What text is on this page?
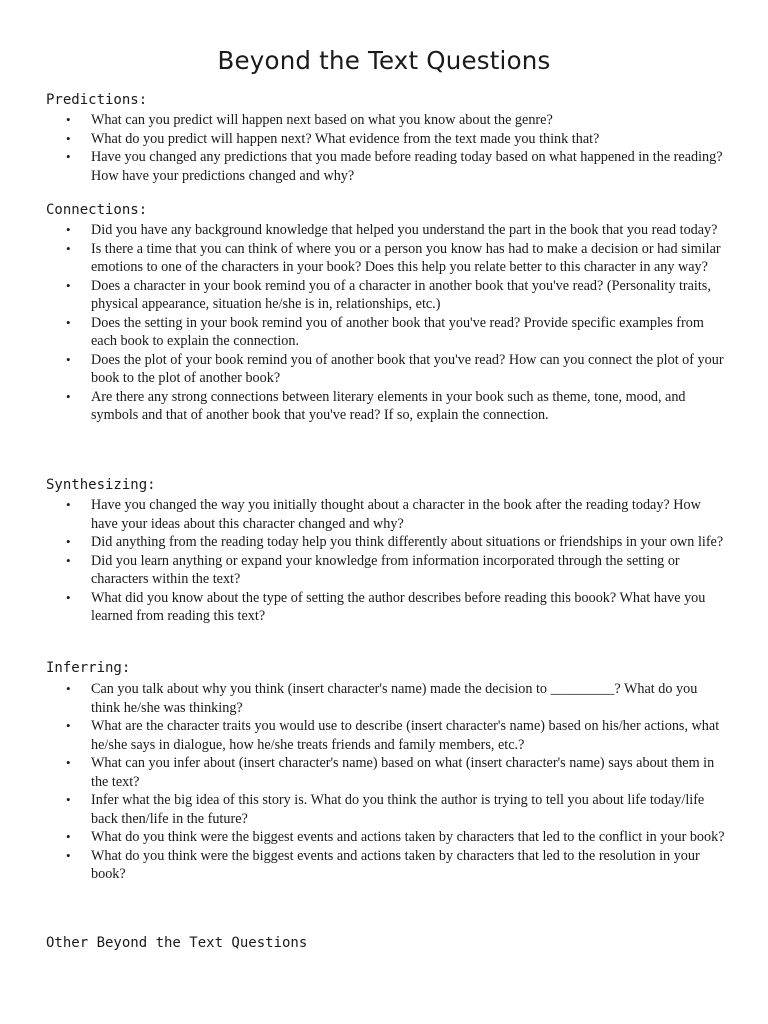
Beyond the Text Questions
Predictions:
• What can you predict will happen next based on what you know about the genre?
• What do you predict will happen next? What evidence from the text made you think that?
• Have you changed any predictions that you made before reading today based on what happened in the reading? How have your predictions changed and why?
Connections:
• Did you have any background knowledge that helped you understand the part in the book that you read today?
• Is there a time that you can think of where you or a person you know has had to make a decision or had similar emotions to one of the characters in your book? Does this help you relate better to this character in any way?
• Does a character in your book remind you of a character in another book that you've read? (Personality traits, physical appearance, situation he/she is in, relationships, etc.)
• Does the setting in your book remind you of another book that you've read? Provide specific examples from each book to explain the connection.
• Does the plot of your book remind you of another book that you've read? How can you connect the plot of your book to the plot of another book?
• Are there any strong connections between literary elements in your book such as theme, tone, mood, and symbols and that of another book that you've read? If so, explain the connection.
Synthesizing:
• Have you changed the way you initially thought about a character in the book after the reading today? How have your ideas about this character changed and why?
• Did anything from the reading today help you think differently about situations or friendships in your own life?
• Did you learn anything or expand your knowledge from information incorporated through the setting or characters within the text?
• What did you know about the type of setting the author describes before reading this boook? What have you learned from reading this text?
Inferring:
• Can you talk about why you think (insert character's name) made the decision to _________? What do you think he/she was thinking?
• What are the character traits you would use to describe (insert character's name) based on his/her actions, what he/she says in dialogue, how he/she treats friends and family members, etc.?
• What can you infer about (insert character's name) based on what (insert character's name) says about them in the text?
• Infer what the big idea of this story is. What do you think the author is trying to tell you about life today/life back then/life in the future?
• What do you think were the biggest events and actions taken by characters that led to the conflict in your book?
• What do you think were the biggest events and actions taken by characters that led to the resolution in your book?
Other Beyond the Text Questions
